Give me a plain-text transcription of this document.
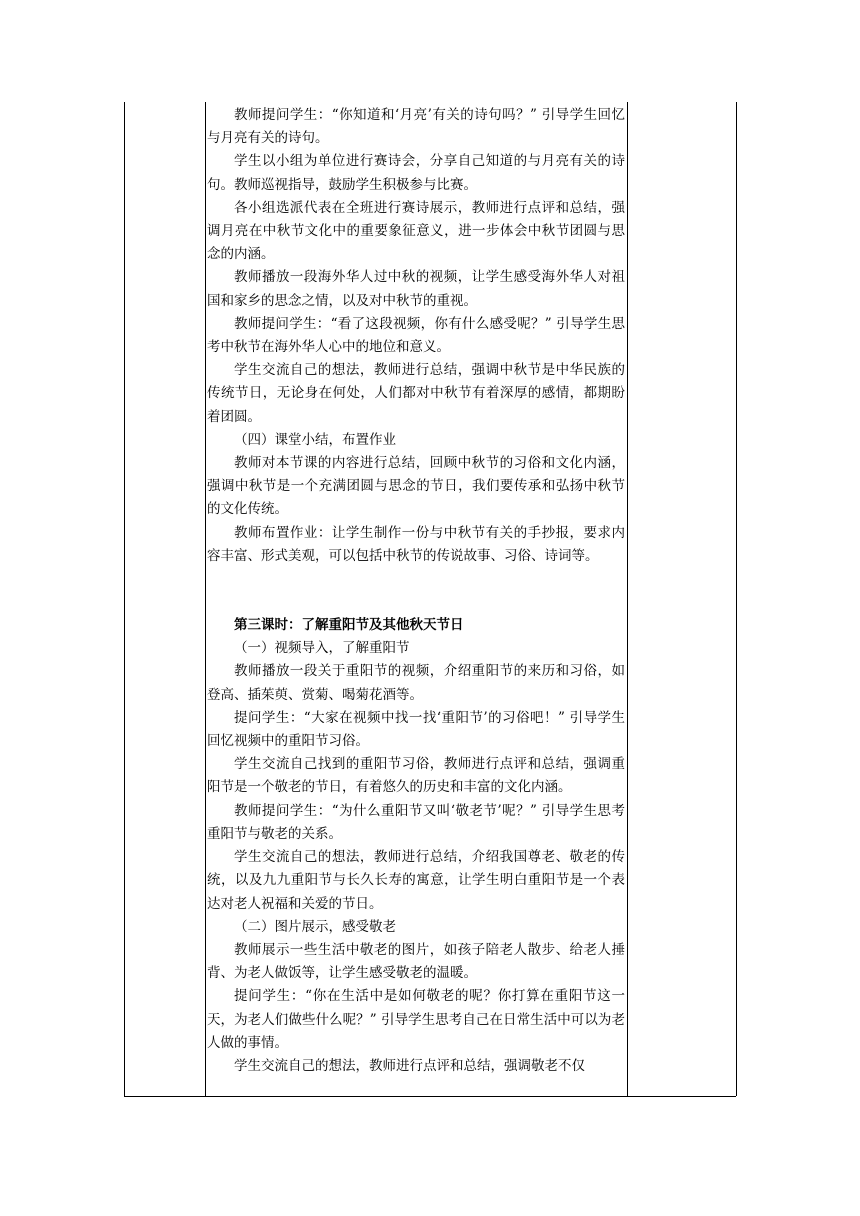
教师提问学生：“你知道和‘月亮’有关的诗句吗？” 引导学生回忆与月亮有关的诗句。

学生以小组为单位进行赛诗会，分享自己知道的与月亮有关的诗句。教师巡视指导，鼓励学生积极参与比赛。

各小组选派代表在全班进行赛诗展示，教师进行点评和总结，强调月亮在中秋节文化中的重要象征意义，进一步体会中秋节团圆与思念的内涵。

教师播放一段海外华人过中秋的视频，让学生感受海外华人对祖国和家乡的思念之情，以及对中秋节的重视。

教师提问学生：“看了这段视频，你有什么感受呢？” 引导学生思考中秋节在海外华人心中的地位和意义。

学生交流自己的想法，教师进行总结，强调中秋节是中华民族的传统节日，无论身在何处，人们都对中秋节有着深厚的感情，都期盼着团圆。

（四）课堂小结，布置作业

教师对本节课的内容进行总结，回顾中秋节的习俗和文化内涵，强调中秋节是一个充满团圆与思念的节日，我们要传承和弘扬中秋节的文化传统。

教师布置作业：让学生制作一份与中秋节有关的手抄报，要求内容丰富、形式美观，可以包括中秋节的传说故事、习俗、诗词等。

第三课时：了解重阳节及其他秋天节日

（一）视频导入，了解重阳节

教师播放一段关于重阳节的视频，介绍重阳节的来历和习俗，如登高、插茱萸、赏菊、喝菊花酒等。

提问学生：“大家在视频中找一找‘重阳节’的习俗吧！” 引导学生回忆视频中的重阳节习俗。

学生交流自己找到的重阳节习俗，教师进行点评和总结，强调重阳节是一个敬老的节日，有着悠久的历史和丰富的文化内涵。

教师提问学生：“为什么重阳节又叫‘敬老节’呢？” 引导学生思考重阳节与敬老的关系。

学生交流自己的想法，教师进行总结，介绍我国尊老、敬老的传统，以及九九重阳节与长久长寿的寓意，让学生明白重阳节是一个表达对老人祝福和关爱的节日。

（二）图片展示，感受敬老

教师展示一些生活中敬老的图片，如孩子陪老人散步、给老人捶背、为老人做饭等，让学生感受敬老的温暖。

提问学生：“你在生活中是如何敬老的呢？你打算在重阳节这一天，为老人们做些什么呢？” 引导学生思考自己在日常生活中可以为老人做的事情。

学生交流自己的想法，教师进行点评和总结，强调敬老不仅
